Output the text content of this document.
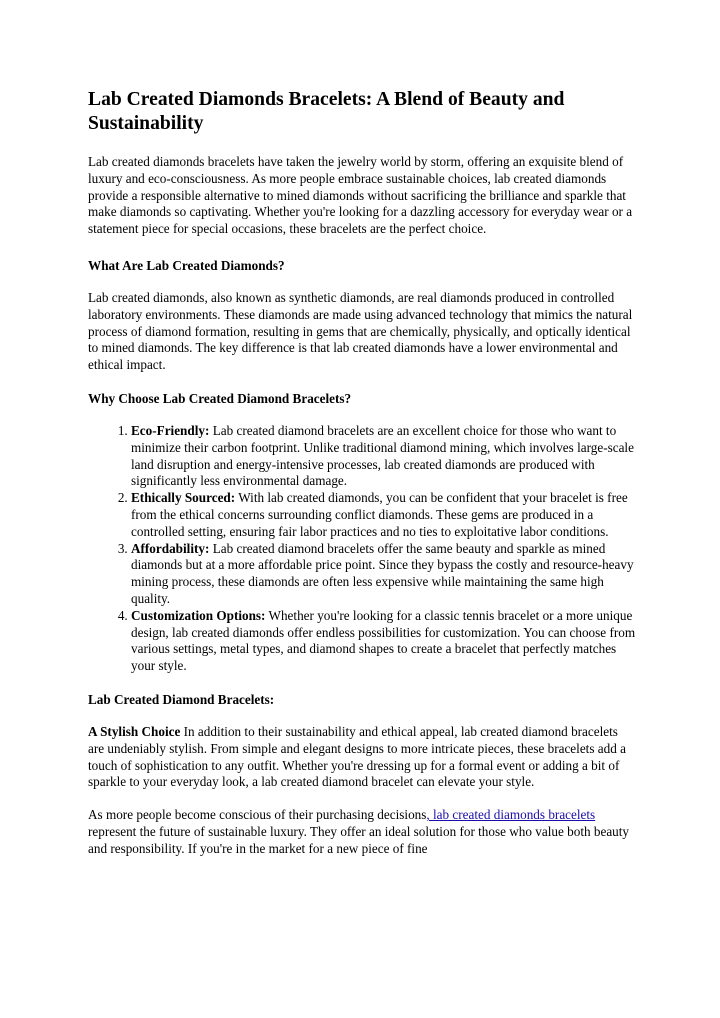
Lab Created Diamonds Bracelets: A Blend of Beauty and Sustainability

Lab created diamonds bracelets have taken the jewelry world by storm, offering an exquisite blend of luxury and eco-consciousness. As more people embrace sustainable choices, lab created diamonds provide a responsible alternative to mined diamonds without sacrificing the brilliance and sparkle that make diamonds so captivating. Whether you're looking for a dazzling accessory for everyday wear or a statement piece for special occasions, these bracelets are the perfect choice.

What Are Lab Created Diamonds?

Lab created diamonds, also known as synthetic diamonds, are real diamonds produced in controlled laboratory environments. These diamonds are made using advanced technology that mimics the natural process of diamond formation, resulting in gems that are chemically, physically, and optically identical to mined diamonds. The key difference is that lab created diamonds have a lower environmental and ethical impact.

Why Choose Lab Created Diamond Bracelets?
1. Eco-Friendly: Lab created diamond bracelets are an excellent choice for those who want to minimize their carbon footprint. Unlike traditional diamond mining, which involves large-scale land disruption and energy-intensive processes, lab created diamonds are produced with significantly less environmental damage.
2. Ethically Sourced: With lab created diamonds, you can be confident that your bracelet is free from the ethical concerns surrounding conflict diamonds. These gems are produced in a controlled setting, ensuring fair labor practices and no ties to exploitative labor conditions.
3. Affordability: Lab created diamond bracelets offer the same beauty and sparkle as mined diamonds but at a more affordable price point. Since they bypass the costly and resource-heavy mining process, these diamonds are often less expensive while maintaining the same high quality.
4. Customization Options: Whether you're looking for a classic tennis bracelet or a more unique design, lab created diamonds offer endless possibilities for customization. You can choose from various settings, metal types, and diamond shapes to create a bracelet that perfectly matches your style.
Lab Created Diamond Bracelets:

A Stylish Choice In addition to their sustainability and ethical appeal, lab created diamond bracelets are undeniably stylish. From simple and elegant designs to more intricate pieces, these bracelets add a touch of sophistication to any outfit. Whether you're dressing up for a formal event or adding a bit of sparkle to your everyday look, a lab created diamond bracelet can elevate your style.

As more people become conscious of their purchasing decisions, lab created diamonds bracelets represent the future of sustainable luxury. They offer an ideal solution for those who value both beauty and responsibility. If you're in the market for a new piece of fine
